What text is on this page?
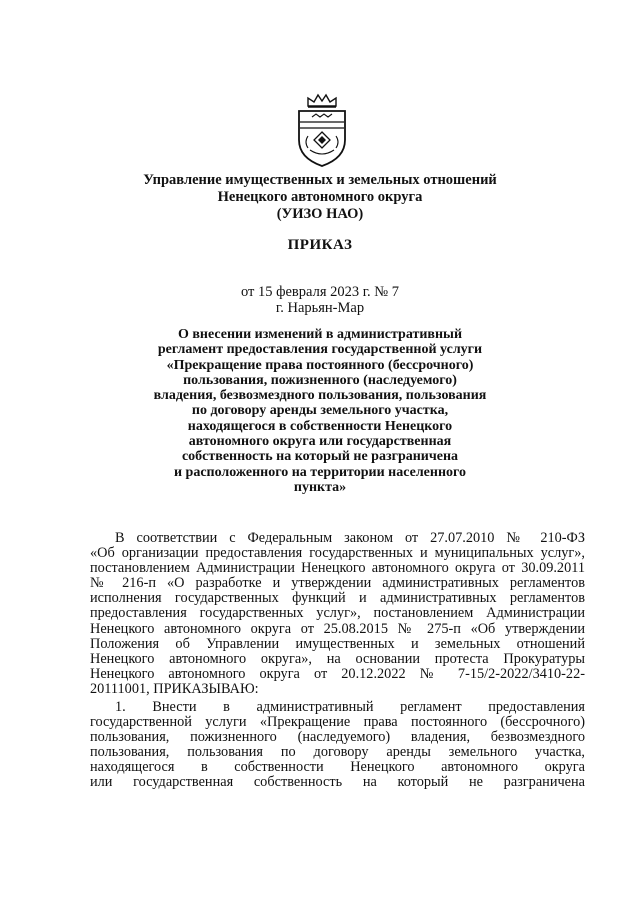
Управление имущественных и земельных отношений
Ненецкого автономного округа
(УИЗО НАО)
ПРИКАЗ
от 15 февраля 2023 г. № 7
г. Нарьян-Мар
О внесении изменений в административный
регламент предоставления государственной услуги
«Прекращение права постоянного (бессрочного)
пользования, пожизненного (наследуемого)
владения, безвозмездного пользования, пользования
по договору аренды земельного участка,
находящегося в собственности Ненецкого
автономного округа или государственная
собственность на который не разграничена
и расположенного на территории населенного
пункта»
В соответствии с Федеральным законом от 27.07.2010 № 210-ФЗ
«Об организации предоставления государственных и муниципальных услуг»,
постановлением Администрации Ненецкого автономного округа от 30.09.2011
№ 216-п «О разработке и утверждении административных регламентов
исполнения государственных функций и административных регламентов
предоставления государственных услуг», постановлением Администрации
Ненецкого автономного округа от 25.08.2015 № 275-п «Об утверждении
Положения об Управлении имущественных и земельных отношений
Ненецкого автономного округа», на основании протеста Прокуратуры
Ненецкого автономного округа от 20.12.2022 № 7-15/2-2022/3410-22-
20111001, ПРИКАЗЫВАЮ:
1. Внести в административный регламент предоставления
государственной услуги «Прекращение права постоянного (бессрочного)
пользования, пожизненного (наследуемого) владения, безвозмездного
пользования, пользования по договору аренды земельного участка,
находящегося в собственности Ненецкого автономного округа
или государственная собственность на который не разграничена
